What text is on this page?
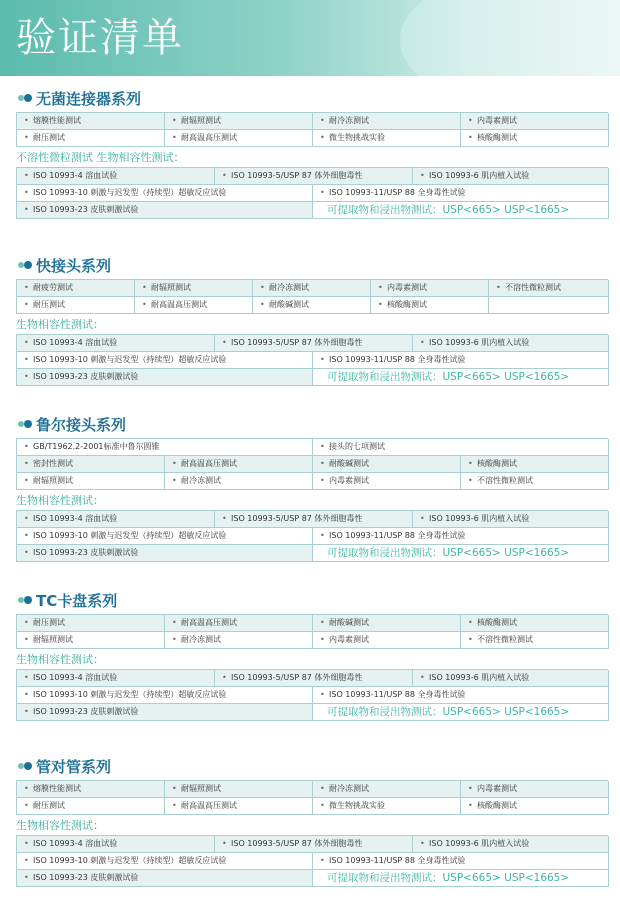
验证清单
无菌连接器系列
• 熔膜性能测试	• 耐辐照测试	• 耐冷冻测试	• 内毒素测试
• 耐压测试	• 耐高温高压测试	• 微生物挑战实验	• 核酸酶测试
不溶性微粒测试 生物相容性测试：
• ISO 10993-4 溶血试验	• ISO 10993-5/USP 87 体外细胞毒性	• ISO 10993-6 肌内植入试验
• ISO 10993-10 刺激与迟发型（持续型）超敏反应试验	• ISO 10993-11/USP 88 全身毒性试验
• ISO 10993-23 皮肤刺激试验	可提取物和浸出物测试：USP<665> USP<1665>
快接头系列
• 耐疲劳测试	• 耐辐照测试	• 耐冷冻测试	• 内毒素测试	• 不溶性微粒测试
• 耐压测试	• 耐高温高压测试	• 耐酸碱测试	• 核酸酶测试
生物相容性测试：
• ISO 10993-4 溶血试验	• ISO 10993-5/USP 87 体外细胞毒性	• ISO 10993-6 肌内植入试验
• ISO 10993-10 刺激与迟发型（持续型）超敏反应试验	• ISO 10993-11/USP 88 全身毒性试验
• ISO 10993-23 皮肤刺激试验	可提取物和浸出物测试：USP<665> USP<1665>
鲁尔接头系列
• GB/T1962.2-2001标准中鲁尔圆锥	• 接头的七项测试
• 密封性测试	• 耐高温高压测试	• 耐酸碱测试	• 核酸酶测试
• 耐辐照测试	• 耐冷冻测试	• 内毒素测试	• 不溶性微粒测试
生物相容性测试：
• ISO 10993-4 溶血试验	• ISO 10993-5/USP 87 体外细胞毒性	• ISO 10993-6 肌内植入试验
• ISO 10993-10 刺激与迟发型（持续型）超敏反应试验	• ISO 10993-11/USP 88 全身毒性试验
• ISO 10993-23 皮肤刺激试验	可提取物和浸出物测试：USP<665> USP<1665>
TC卡盘系列
• 耐压测试	• 耐高温高压测试	• 耐酸碱测试	• 核酸酶测试
• 耐辐照测试	• 耐冷冻测试	• 内毒素测试	• 不溶性微粒测试
生物相容性测试：
• ISO 10993-4 溶血试验	• ISO 10993-5/USP 87 体外细胞毒性	• ISO 10993-6 肌内植入试验
• ISO 10993-10 刺激与迟发型（持续型）超敏反应试验	• ISO 10993-11/USP 88 全身毒性试验
• ISO 10993-23 皮肤刺激试验	可提取物和浸出物测试：USP<665> USP<1665>
管对管系列
• 熔膜性能测试	• 耐辐照测试	• 耐冷冻测试	• 内毒素测试
• 耐压测试	• 耐高温高压测试	• 微生物挑战实验	• 核酸酶测试
生物相容性测试：
• ISO 10993-4 溶血试验	• ISO 10993-5/USP 87 体外细胞毒性	• ISO 10993-6 肌内植入试验
• ISO 10993-10 刺激与迟发型（持续型）超敏反应试验	• ISO 10993-11/USP 88 全身毒性试验
• ISO 10993-23 皮肤刺激试验	可提取物和浸出物测试：USP<665> USP<1665>
